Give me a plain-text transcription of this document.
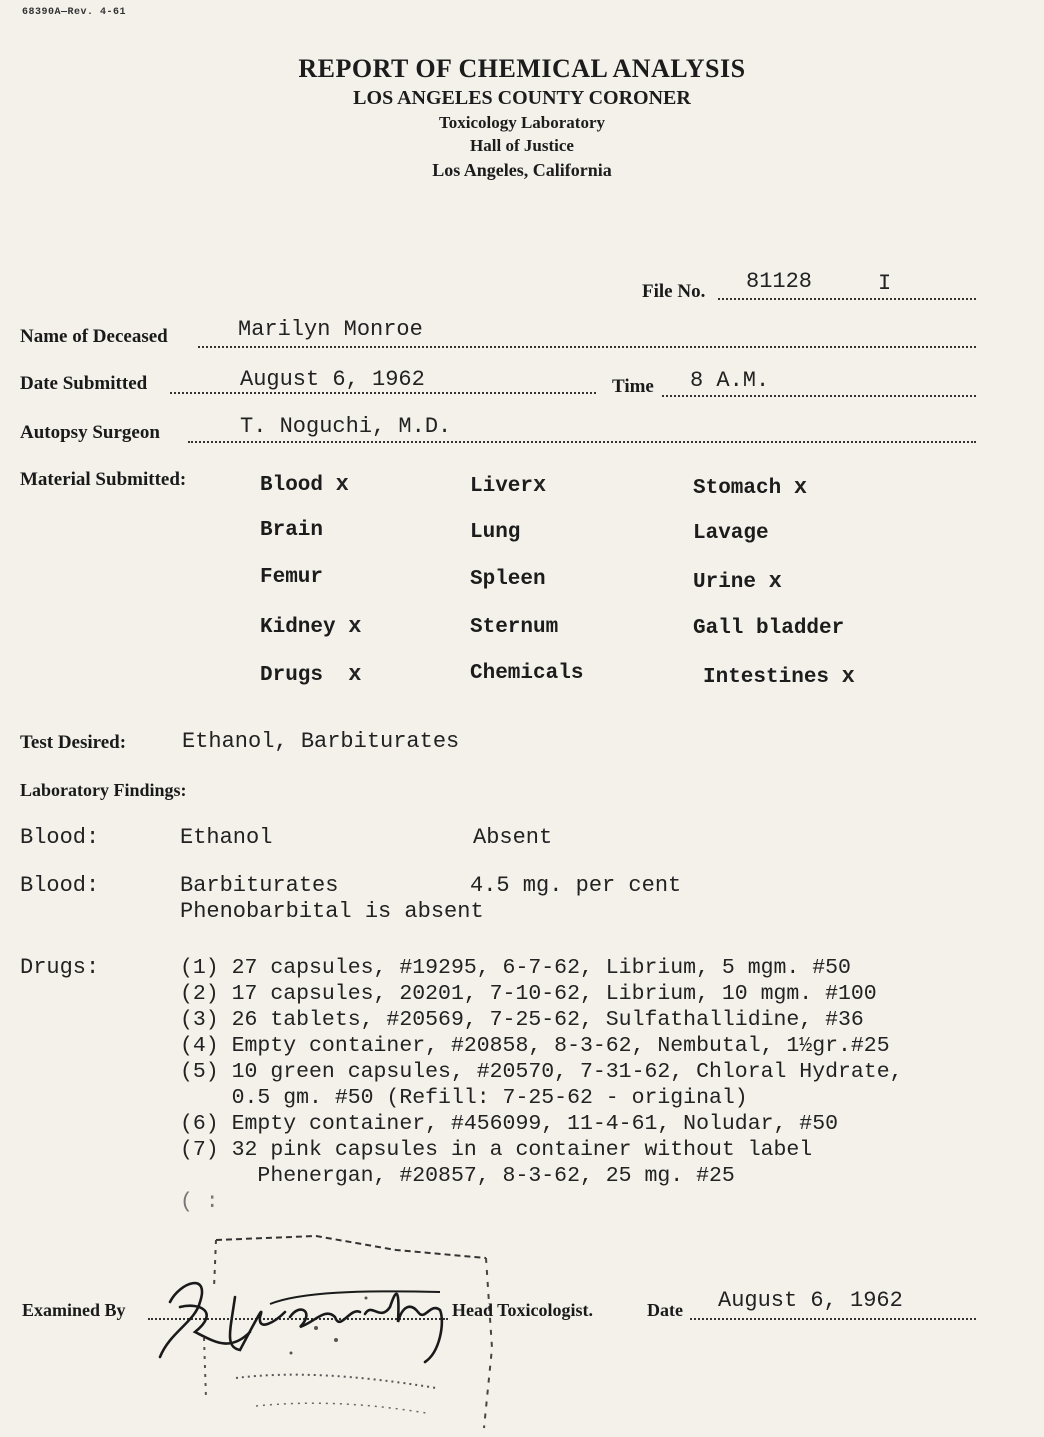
68390A—Rev. 4-61
REPORT OF CHEMICAL ANALYSIS
LOS ANGELES COUNTY CORONER
Toxicology Laboratory
Hall of Justice
Los Angeles, California
File No. 81128	I
Name of Deceased	Marilyn Monroe
Date Submitted	August 6, 1962	Time 8 A.M.
Autopsy Surgeon	T. Noguchi, M.D.
Material Submitted:	Blood x	Liverx	Stomach x
Brain	Lung	Lavage
Femur	Spleen	Urine x
Kidney x	Sternum	Gall bladder
Drugs x	Chemicals	Intestines x
Test Desired:	Ethanol, Barbiturates
Laboratory Findings:
Blood:	Ethanol	Absent
Blood:	Barbiturates	4.5 mg. per cent
Phenobarbital is absent
Drugs:	(1) 27 capsules, #19295, 6-7-62, Librium, 5 mgm. #50
(2) 17 capsules, 20201, 7-10-62, Librium, 10 mgm. #100
(3) 26 tablets, #20569, 7-25-62, Sulfathallidine, #36
(4) Empty container, #20858, 8-3-62, Nembutal, 1½gr.#25
(5) 10 green capsules, #20570, 7-31-62, Chloral Hydrate,
0.5 gm. #50 (Refill: 7-25-62 - original)
(6) Empty container, #456099, 11-4-61, Noludar, #50
(7) 32 pink capsules in a container without label
Phenergan, #20857, 8-3-62, 25 mg. #25
( :
Examined By	Head Toxicologist.	Date August 6, 1962
